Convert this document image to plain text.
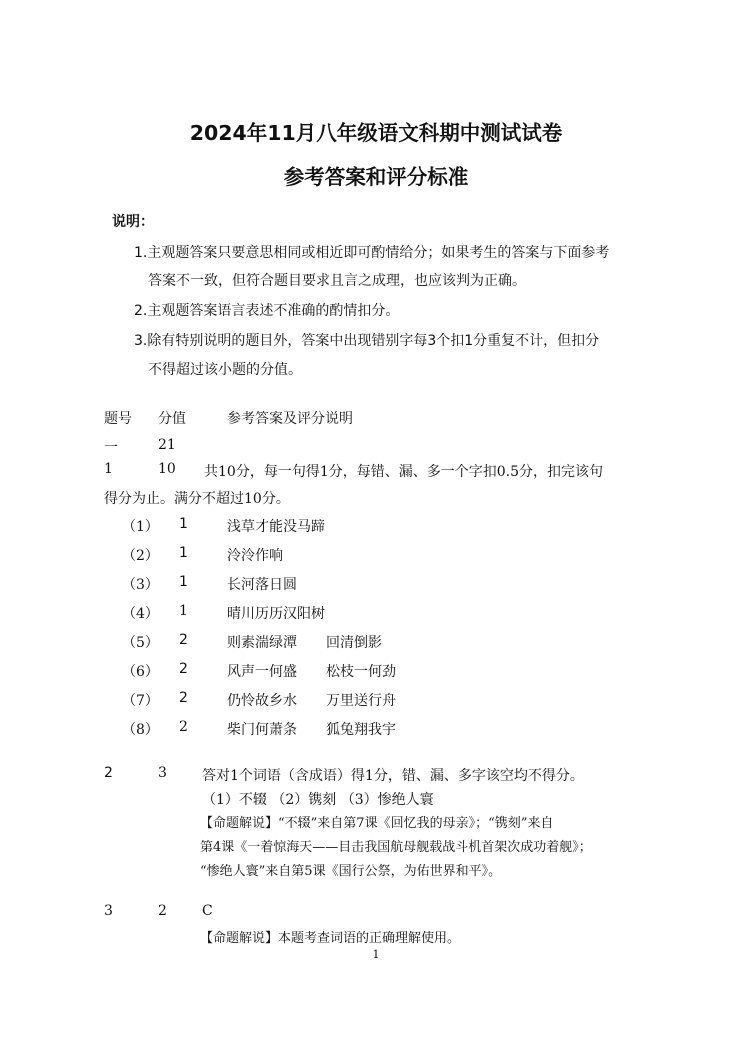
2024年11月八年级语文科期中测试试卷
参考答案和评分标准
说明：
1.主观题答案只要意思相同或相近即可酌情给分；如果考生的答案与下面参考
答案不一致，但符合题目要求且言之成理，也应该判为正确。
2.主观题答案语言表述不准确的酌情扣分。
3.除有特别说明的题目外，答案中出现错别字每3个扣1分重复不计，但扣分
不得超过该小题的分值。
题号 分值	参考答案及评分说明
一	21
1	10 共10分，每一句得1分，每错、漏、多一个字扣0.5分，扣完该句
得分为止。满分不超过10分。
（1） 1	浅草才能没马蹄
（2） 1	泠泠作响
（3） 1	长河落日圆
（4） 1	晴川历历汉阳树
（5） 2	则素湍绿潭 回清倒影
（6） 2	风声一何盛 松枝一何劲
（7） 2	仍怜故乡水 万里送行舟
（8） 2	柴门何萧条 狐兔翔我宇
2	3	答对1个词语（含成语）得1分，错、漏、多字该空均不得分。
（1）不辍 （2）镌刻 （3）惨绝人寰
【命题解说】“不辍”来自第7课《回忆我的母亲》；“镌刻”来自
第4课《一着惊海天——目击我国航母舰载战斗机首架次成功着舰》；
“惨绝人寰”来自第5课《国行公祭，为佑世界和平》。
3	2	C
【命题解说】本题考查词语的正确理解使用。
1
